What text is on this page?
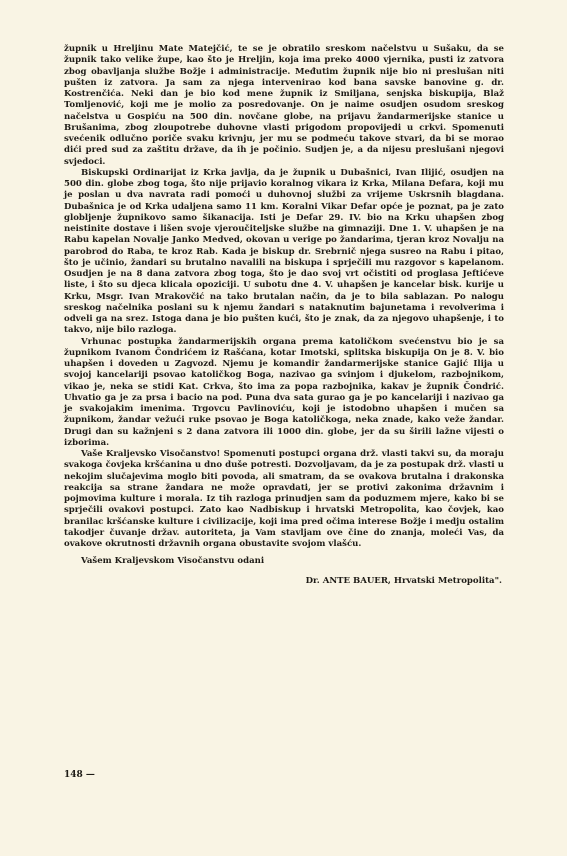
župnik u Hreljinu Mate Matejčić, te se je obratilo sreskom načelstvu u Sušaku, da se župnik tako velike župe, kao što je Hreljin, koja ima preko 4000 vjernika, pusti iz zatvora zbog obavljanja službe Božje i administracije. Međutim župnik nije bio ni preslušan niti pušten iz zatvora. Ja sam za njega intervenirao kod bana savske banovine g. dr. Kostrenčića. Neki dan je bio kod mene župnik iz Smiljana, senjska biskupija, Blaž Tomljenović, koji me je molio za posredovanje. On je naime osudjen osudom sreskog načelstva u Gospiću na 500 din. novčane globe, na prijavu žandarmerijske stanice u Brušanima, zbog zloupotrebe duhovne vlasti prigodom propovijedi u crkvi. Spomenuti svećenik odlučno poriče svaku krivnju, jer mu se podmeću takove stvari, da bi se morao dići pred sud za zaštitu države, da ih je počinio. Sudjen je, a da nijesu preslušani njegovi svjedoci.

Biskupski Ordinarijat iz Krka javlja, da je župnik u Dubašnici, Ivan Ilijić, osudjen na 500 din. globe zbog toga, što nije prijavio koralnog vikara iz Krka, Milana Defara, koji mu je poslan u dva navrata radi pomoći u duhovnoj službi za vrijeme Uskrsnih blagdana. Dubašnica je od Krka udaljena samo 11 km. Koralni Vikar Defar opće je poznat, pa je zato globljenje župnikovo samo šikanacija. Isti je Defar 29. IV. bio na Krku uhapšen zbog neistinite dostave i lišen svoje vjeroučiteljske službe na gimnaziji. Dne 1. V. uhapšen je na Rabu kapelan Novalje Janko Medved, okovan u verige po žandarima, tjeran kroz Novalju na parobrod do Raba, te kroz Rab. Kada je biskup dr. Srebrnič njega susreo na Rabu i pitao, što je učinio, žandari su brutalno navalili na biskupa i sprječili mu razgovor s kapelanom. Osudjen je na 8 dana zatvora zbog toga, što je dao svoj vrt očistiti od proglasa Jeftićeve liste, i što su djeca klicala opoziciji. U subotu dne 4. V. uhapšen je kancelar bisk. kurije u Krku, Msgr. Ivan Mrakovčić na tako brutalan način, da je to bila sablazan. Po nalogu sreskog načelnika poslani su k njemu žandari s nataknutim bajunetama i revolverima i odveli ga na srez. Istoga dana je bio pušten kući, što je znak, da za njegovo uhapšenje, i to takvo, nije bilo razloga.

Vrhunac postupka žandarmerijskih organa prema katoličkom svećenstvu bio je sa župnikom Ivanom Čondrićem iz Rašćana, kotar Imotski, splitska biskupija On je 8. V. bio uhapšen i doveden u Zagvozd. Njemu je komandir žandarmerijske stanice Gajić Ilija u svojoj kancelariji psovao katoličkog Boga, nazivao ga svinjom i djukelom, razbojnikom, vikao je, neka se stidi Kat. Crkva, što ima za popa razbojnika, kakav je župnik Čondrić. Uhvatio ga je za prsa i bacio na pod. Puna dva sata gurao ga je po kancelariji i nazivao ga je svakojakim imenima. Trgovcu Pavlinoviću, koji je istodobno uhapšen i mučen sa župnikom, žandar vežući ruke psovao je Boga katoličkoga, neka znade, kako veže žandar. Drugi dan su kažnjeni s 2 dana zatvora ili 1000 din. globe, jer da su širili lažne vijesti o izborima.

Vaše Kraljevsko Visočanstvo! Spomenuti postupci organa drž. vlasti takvi su, da moraju svakoga čovjeka kršćanina u dno duše potresti. Dozvoljavam, da je za postupak drž. vlasti u nekojim slučajevima moglo biti povoda, ali smatram, da se ovakova brutalna i drakonska reakcija sa strane žandara ne može opravdati, jer se protivi zakonima državnim i pojmovima kulture i morala. Iz tih razloga prinudjen sam da poduzmem mjere, kako bi se sprječili ovakovi postupci. Zato kao Nadbiskup i hrvatski Metropolita, kao čovjek, kao branilac kršćanske kulture i civilizacije, koji ima pred očima interese Božje i medju ostalim takodjer čuvanje držav. autoriteta, ja Vam stavljam ove čine do znanja, moleći Vas, da ovakove okrutnosti državnih organa obustavite svojom vlašću.

Vašem Kraljevskom Visočanstvu odani

Dr. ANTE BAUER, Hrvatski Metropolita".

148 —
